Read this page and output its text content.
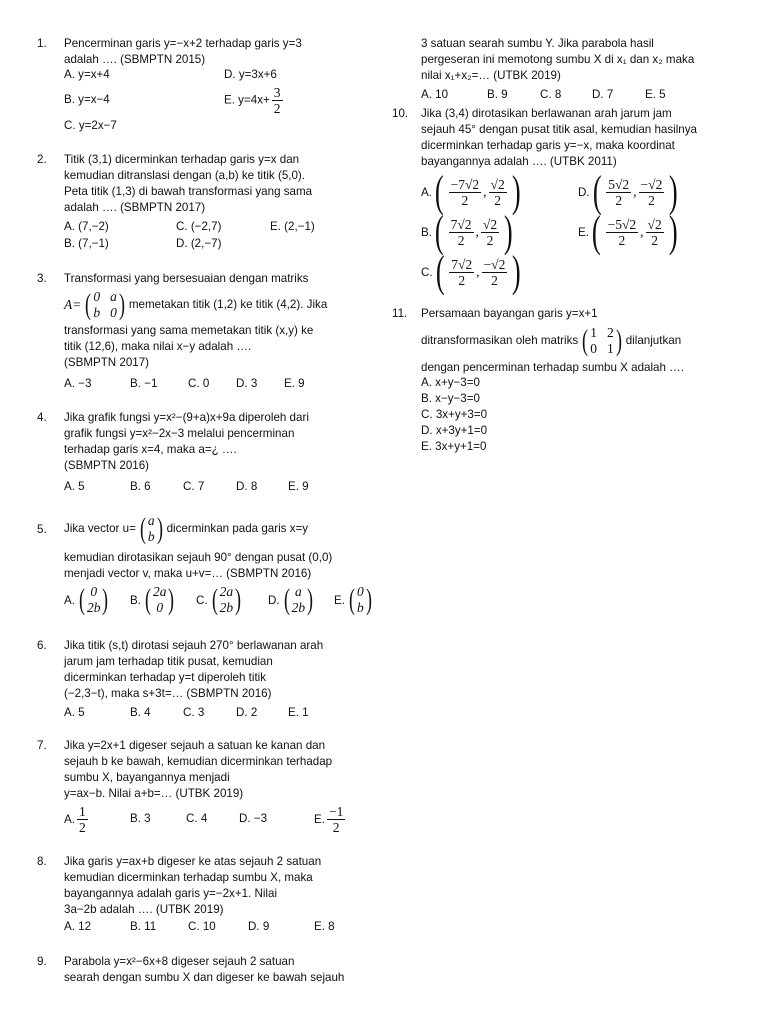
1. Pencerminan garis y=−x+2 terhadap garis y=3
adalah …. (SBMPTN 2015)
A. y=x+4	D. y=3x+6
B. y=x−4	E. $y=4x+ \frac{3}{2}$
C. y=2x−7
2. Titik (3,1) dicerminkan terhadap garis y=x dan
kemudian ditranslasi dengan (a,b) ke titik (5,0).
Peta titik (1,3) di bawah transformasi yang sama
adalah …. (SBMPTN 2017)
A. (7,−2)	C. (−2,7)	E. (2,−1)
B. (7,−1)	D. (2,−7)
3. Transformasi yang bersesuaian dengan matriks
A= ( 0 a
b 0 ) memetakan titik (1,2) ke titik (4,2). Jika
transformasi yang sama memetakan titik (x,y) ke
titik (12,6), maka nilai x−y adalah ….
(SBMPTN 2017)
A. −3	B. −1	C. 0 D. 3 E. 9
4. Jika grafik fungsi y=x²−(9+a)x+9a diperoleh dari
grafik fungsi y=x²−2x−3 melalui pencerminan
terhadap garis x=4, maka a=¿ ….
(SBMPTN 2016)
A. 5	B. 6	C. 7	D. 8	E. 9
5. Jika vector u= ( a
b ) dicerminkan pada garis x=y
kemudian dirotasikan sejauh 90° dengan pusat (0,0)
menjadi vector v, maka u+v=… (SBMPTN 2016)
A. ( 0
2b ) B. ( 2a
0 ) C. ( 2a
2b ) D. ( a
2b ) E. ( 0
b )
6. Jika titik (s,t) dirotasi sejauh 270° berlawanan arah
jarum jam terhadap titik pusat, kemudian
dicerminkan terhadap y=t diperoleh titik
(−2,3−t), maka s+3t=… (SBMPTN 2016)
A. 5	B. 4	C. 3	D. 2	E. 1
7. Jika y=2x+1 digeser sejauh a satuan ke kanan dan
sejauh b ke bawah, kemudian dicerminkan terhadap
sumbu X, bayangannya menjadi
y=ax−b. Nilai a+b=… (UTBK 2019)
A. $\frac{1}{2}$	B. 3	C. 4	D. −3	E. $\frac{-1}{2}$
8. Jika garis y=ax+b digeser ke atas sejauh 2 satuan
kemudian dicerminkan terhadap sumbu X, maka
bayangannya adalah garis y=−2x+1. Nilai
3a−2b adalah …. (UTBK 2019)
A. 12	B. 11	C. 10	D. 9	E. 8
9. Parabola y=x²−6x+8 digeser sejauh 2 satuan
searah dengan sumbu X dan digeser ke bawah sejauh
3 satuan searah sumbu Y. Jika parabola hasil
pergeseran ini memotong sumbu X di x₁ dan x₂ maka
nilai x₁+x₂=… (UTBK 2019)
A. 10	B. 9	C. 8	D. 7	E. 5
10. Jika (3,4) dirotasikan berlawanan arah jarum jam
sejauh 45° dengan pusat titik asal, kemudian hasilnya
dicerminkan terhadap garis y=−x, maka koordinat
bayangannya adalah …. (UTBK 2011)
A. ( $\frac{-7√2}{2}$ , $\frac{√2}{2}$ )	D. ( $\frac{5√2}{2}$ , $\frac{-√2}{2}$ )
B. ( $\frac{7√2}{2}$ , $\frac{√2}{2}$ )	E. ( $\frac{-5√2}{2}$ , $\frac{√2}{2}$ )
C. ( $\frac{7√2}{2}$ , $\frac{-√2}{2}$ )
11. Persamaan bayangan garis y=x+1
ditransformasikan oleh matriks ( 1 2
0 1 ) dilanjutkan
dengan pencerminan terhadap sumbu X adalah ….
A. x+y−3=0
B. x−y−3=0
C. 3x+y+3=0
D. x+3y+1=0
E. 3x+y+1=0
